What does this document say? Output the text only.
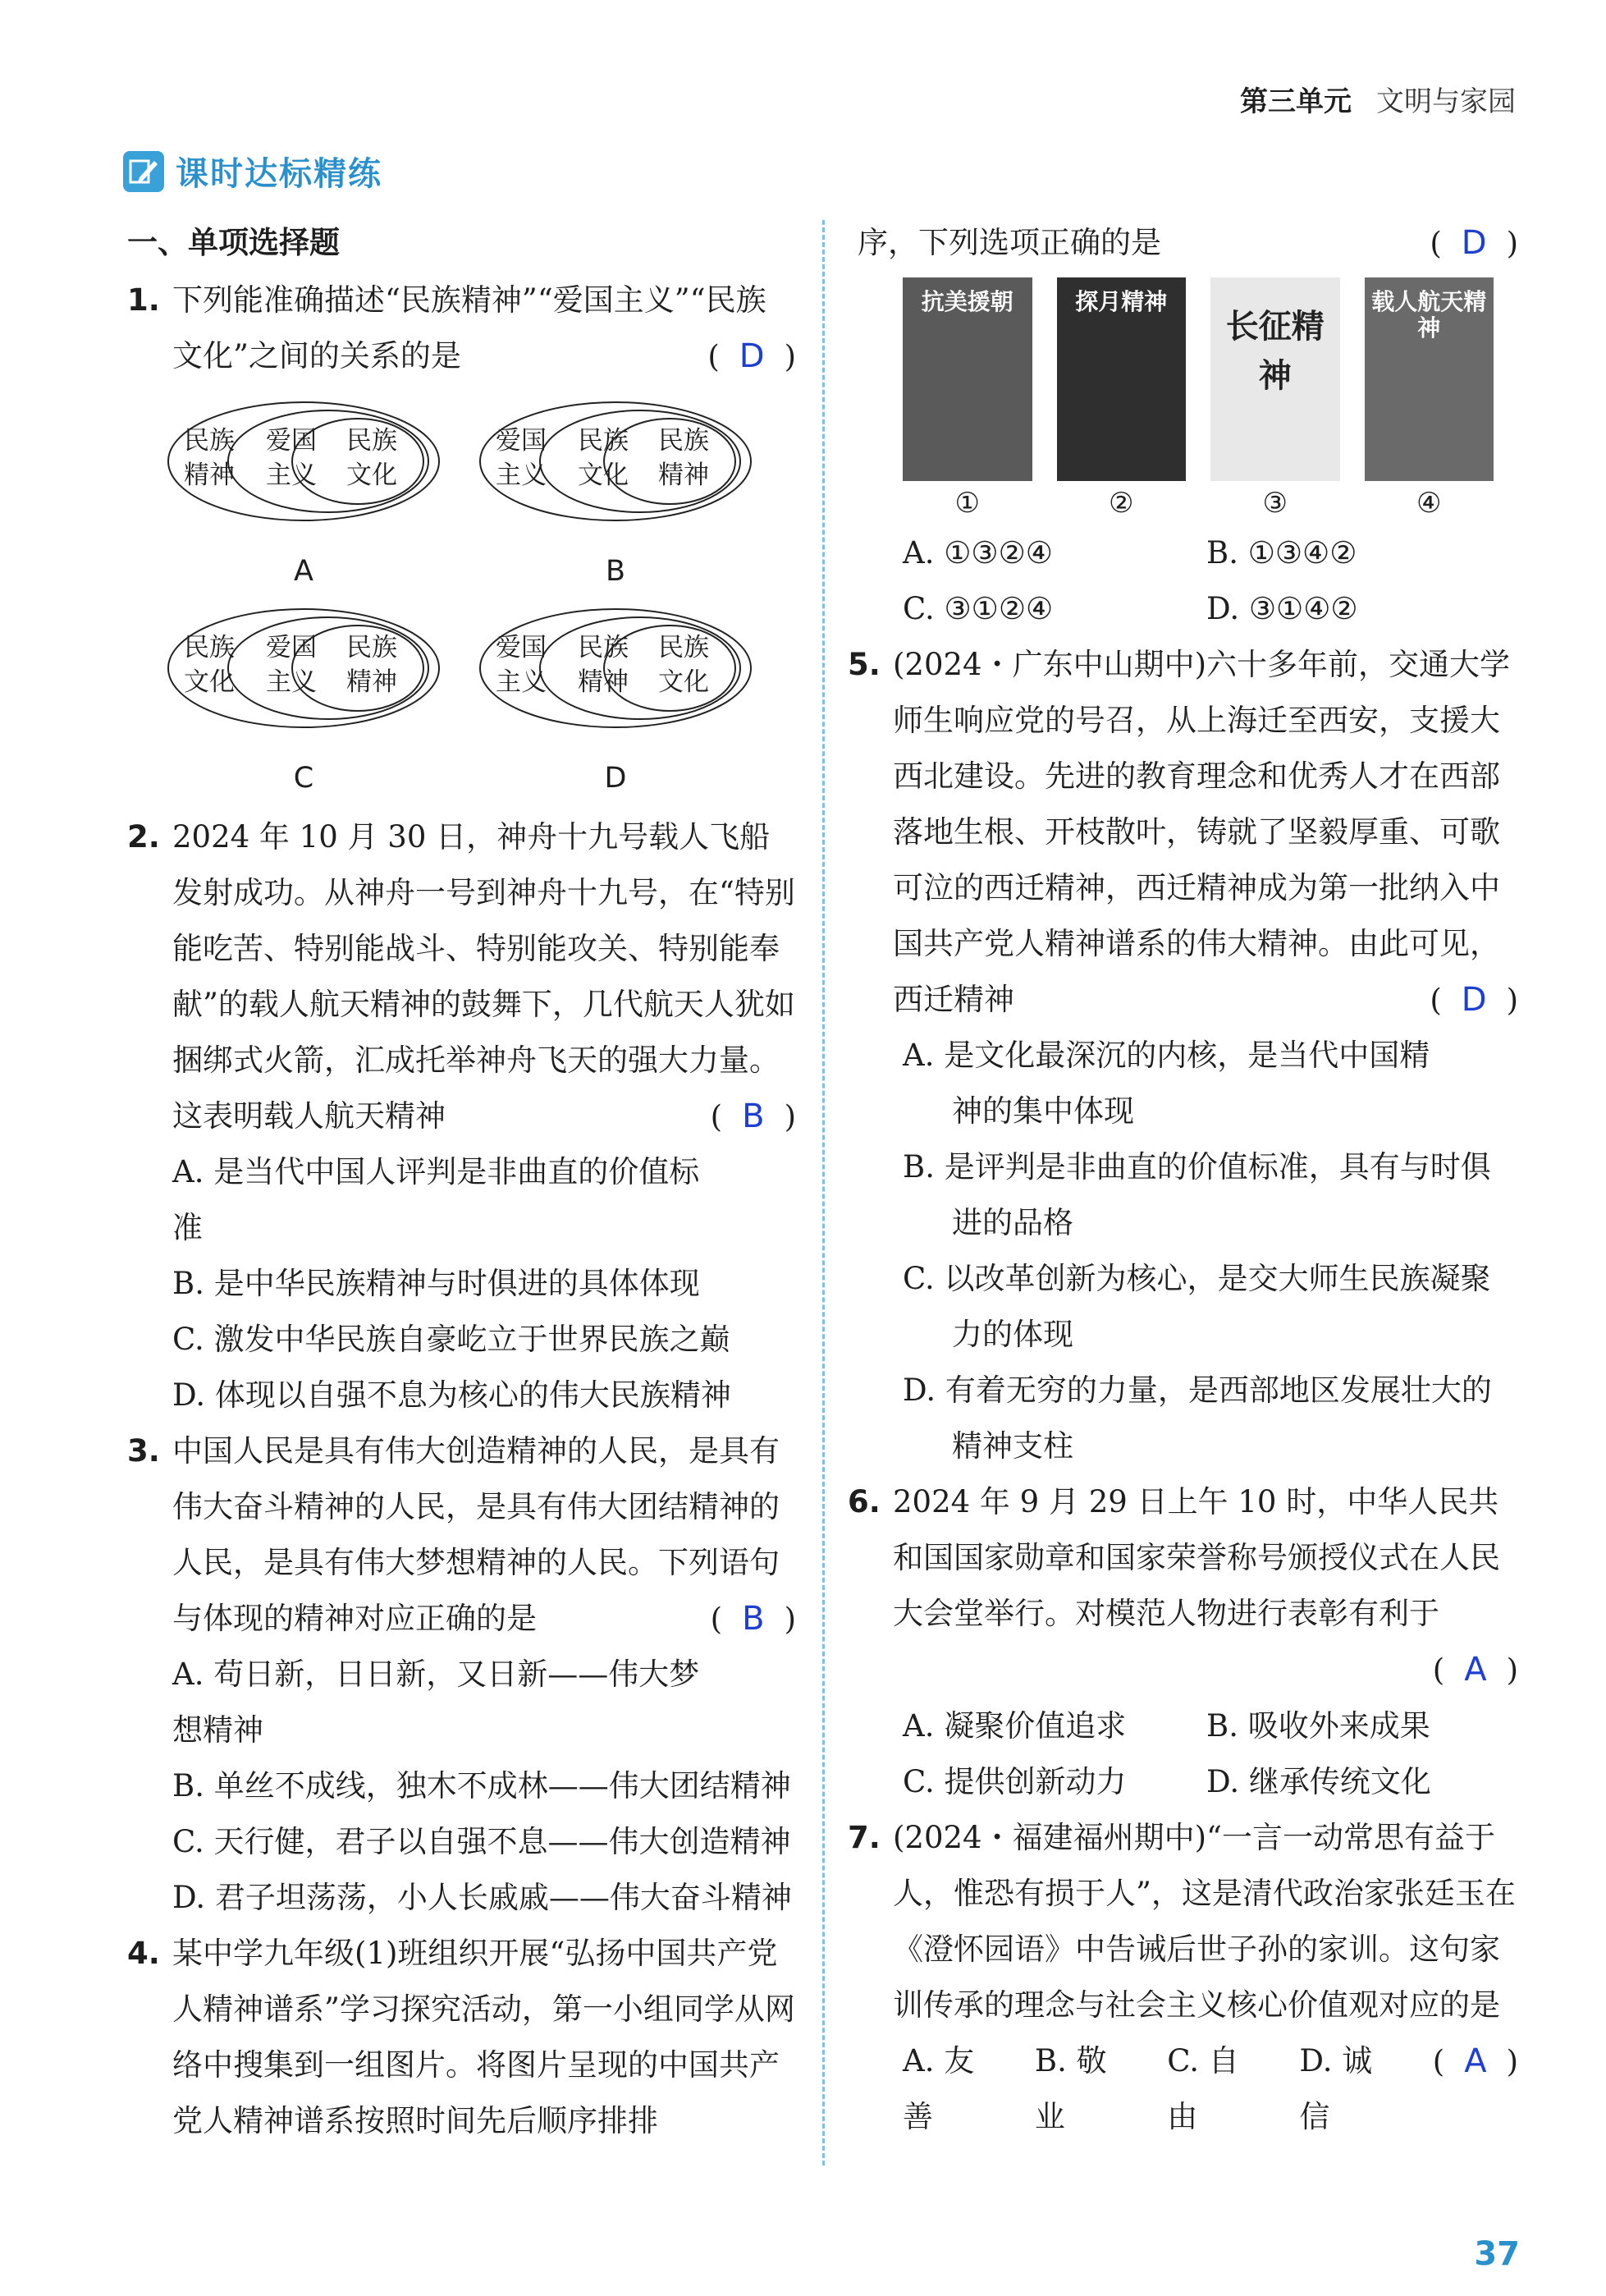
第三单元 文明与家园
课时达标精练
一、单项选择题
1. 下列能准确描述“民族精神”“爱国主义”“民族文化”之间的关系的是	( D )
民族
精神
爱国
主义
民族
文化
A
爱国
主义
民族
文化
民族
精神
B
民族
文化
爱国
主义
民族
精神
C
爱国
主义
民族
精神
民族
文化
D
2. 2024 年 10 月 30 日，神舟十九号载人飞船发射成功。从神舟一号到神舟十九号，在“特别能吃苦、特别能战斗、特别能攻关、特别能奉献”的载人航天精神的鼓舞下，几代航天人犹如捆绑式火箭，汇成托举神舟飞天的强大力量。这表明载人航天精神	( B )
A. 是当代中国人评判是非曲直的价值标准
B. 是中华民族精神与时俱进的具体体现
C. 激发中华民族自豪屹立于世界民族之巅
D. 体现以自强不息为核心的伟大民族精神
3. 中国人民是具有伟大创造精神的人民，是具有伟大奋斗精神的人民，是具有伟大团结精神的人民，是具有伟大梦想精神的人民。下列语句与体现的精神对应正确的是	( B )
A. 苟日新，日日新，又日新——伟大梦想精神
B. 单丝不成线，独木不成林——伟大团结精神
C. 天行健，君子以自强不息——伟大创造精神
D. 君子坦荡荡，小人长戚戚——伟大奋斗精神
4. 某中学九年级(1)班组织开展“弘扬中国共产党人精神谱系”学习探究活动，第一小组同学从网络中搜集到一组图片。将图片呈现的中国共产党人精神谱系按照时间先后顺序排排
序，下列选项正确的是	( D )
抗美援朝
①
探月精神
②
长征精神
③
载人航天精神
④
A. ①③②④	B. ①③④②
C. ③①②④	D. ③①④②
5. (2024・广东中山期中)六十多年前，交通大学师生响应党的号召，从上海迁至西安，支援大西北建设。先进的教育理念和优秀人才在西部落地生根、开枝散叶，铸就了坚毅厚重、可歌可泣的西迁精神，西迁精神成为第一批纳入中国共产党人精神谱系的伟大精神。由此可见，西迁精神	( D )
A. 是文化最深沉的内核，是当代中国精神的集中体现
B. 是评判是非曲直的价值标准，具有与时俱进的品格
C. 以改革创新为核心，是交大师生民族凝聚力的体现
D. 有着无穷的力量，是西部地区发展壮大的精神支柱
6. 2024 年 9 月 29 日上午 10 时，中华人民共和国国家勋章和国家荣誉称号颁授仪式在人民大会堂举行。对模范人物进行表彰有利于
( A )
A. 凝聚价值追求	B. 吸收外来成果
C. 提供创新动力	D. 继承传统文化
7. (2024・福建福州期中)“一言一动常思有益于人，惟恐有损于人”，这是清代政治家张廷玉在《澄怀园语》中告诫后世子孙的家训。这句家训传承的理念与社会主义核心价值观对应的是
( A )
A. 友善
B. 敬业
C. 自由
D. 诚信
37
